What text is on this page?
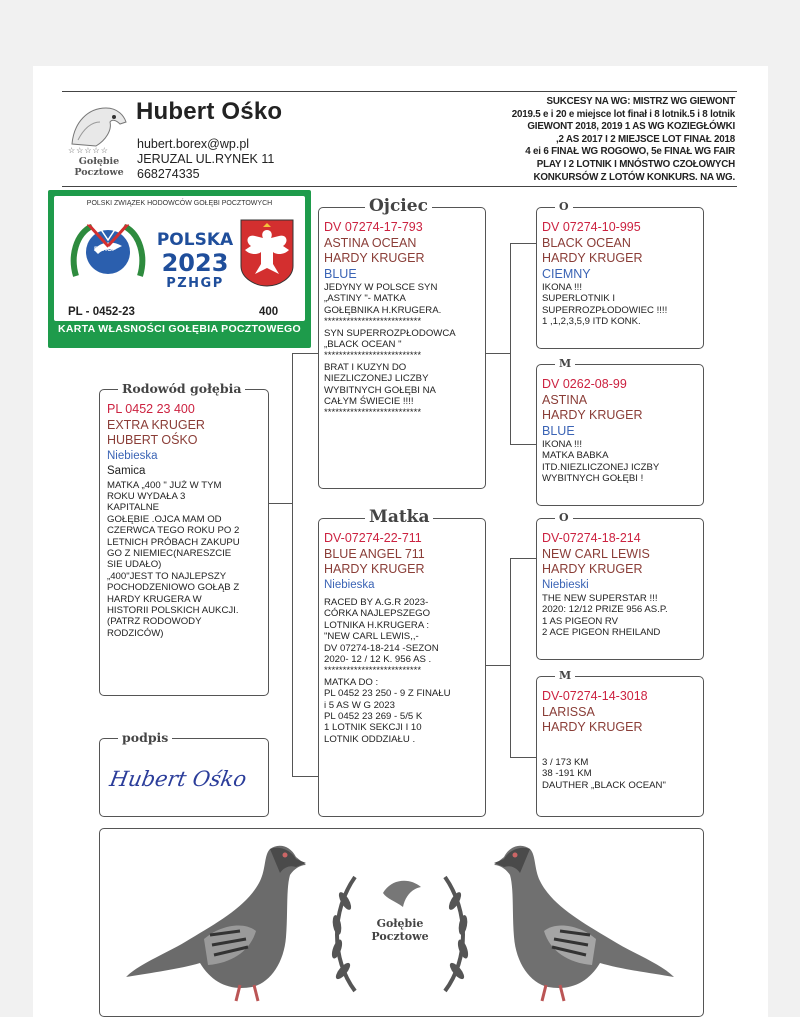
☆☆☆☆☆
Gołębie
Pocztowe
Hubert Ośko
hubert.borex@wp.pl
JERUZAL UL.RYNEK 11
668274335
SUKCESY NA WG: MISTRZ WG GIEWONT
2019.5 e i 20 e miejsce lot finał i 8 lotnik.5 i 8 lotnik
GIEWONT 2018, 2019 1 AS WG KOZIEGŁÓWKI
,2 AS 2017 I 2 MIEJSCE LOT FINAŁ 2018
4 ei 6 FINAŁ WG ROGOWO, 5e FINAŁ WG FAIR
PLAY I 2 LOTNIK I MNÓSTWO CZOŁOWYCH
KONKURSÓW Z LOTÓW KONKURS. NA WG.
POLSKI ZWIĄZEK HODOWCÓW GOŁĘBI POCZTOWYCH
PZHGP	POLSKA
2023
PZHGP
PL - 0452-23	400
KARTA WŁASNOŚCI GOŁĘBIA POCZTOWEGO
Rodowód gołębia
PL 0452 23 400
EXTRA KRUGER
HUBERT OŚKO
Niebieska
Samica
MATKA „400 " JUŻ W TYM
ROKU WYDAŁA 3
KAPITALNE
GOŁĘBIE .OJCA MAM OD
CZERWCA TEGO ROKU PO 2
LETNICH PRÓBACH ZAKUPU
GO Z NIEMIEC(NARESZCIE
SIE UDAŁO)
„400"JEST TO NAJLEPSZY
POCHODZENIOWO GOŁĄB Z
HARDY KRUGERA W
HISTORII POLSKICH AUKCJI.
(PATRZ RODOWODY
RODZICÓW)
podpis
Hubert Ośko
Ojciec
DV 07274-17-793
ASTINA OCEAN
HARDY KRUGER
BLUE
JEDYNY W POLSCE SYN
„ASTINY "- MATKA
GOŁĘBNIKA H.KRUGERA.
**************************
SYN SUPERROZPŁODOWCA
„BLACK OCEAN "
**************************
BRAT I KUZYN DO
NIEZLICZONEJ LICZBY
WYBITNYCH GOŁĘBI NA
CAŁYM ŚWIECIE !!!!
**************************
Matka
DV-07274-22-711
BLUE ANGEL 711
HARDY KRUGER
Niebieska
RACED BY A.G.R 2023-
CÓRKA NAJLEPSZEGO
LOTNIKA H.KRUGERA :
"NEW CARL LEWIS,,-
DV 07274-18-214 -SEZON
2020- 12 / 12 K. 956 AS .
**************************
MATKA DO :
PL 0452 23 250 - 9 Z FINAŁU
i 5 AS W G 2023
PL 0452 23 269 - 5/5 K
1 LOTNIK SEKCJI I 10
LOTNIK ODDZIAŁU .
O
DV 07274-10-995
BLACK OCEAN
HARDY KRUGER
CIEMNY
IKONA !!!
SUPERLOTNIK I
SUPERROZPŁODOWIEC !!!!
1 ,1,2,3,5,9 ITD KONK.
M
DV 0262-08-99
ASTINA
HARDY KRUGER
BLUE
IKONA !!!
MATKA BABKA
ITD.NIEZLICZONEJ ICZBY
WYBITNYCH GOŁĘBI !
O
DV-07274-18-214
NEW CARL LEWIS
HARDY KRUGER
Niebieski
THE NEW SUPERSTAR !!!
2020: 12/12 PRIZE 956 AS.P.
1 AS PIGEON RV
2 ACE PIGEON RHEILAND
M
DV-07274-14-3018
LARISSA
HARDY KRUGER

3 / 173 KM
38 -191 KM
DAUTHER „BLACK OCEAN"
Gołębie
Pocztowe
